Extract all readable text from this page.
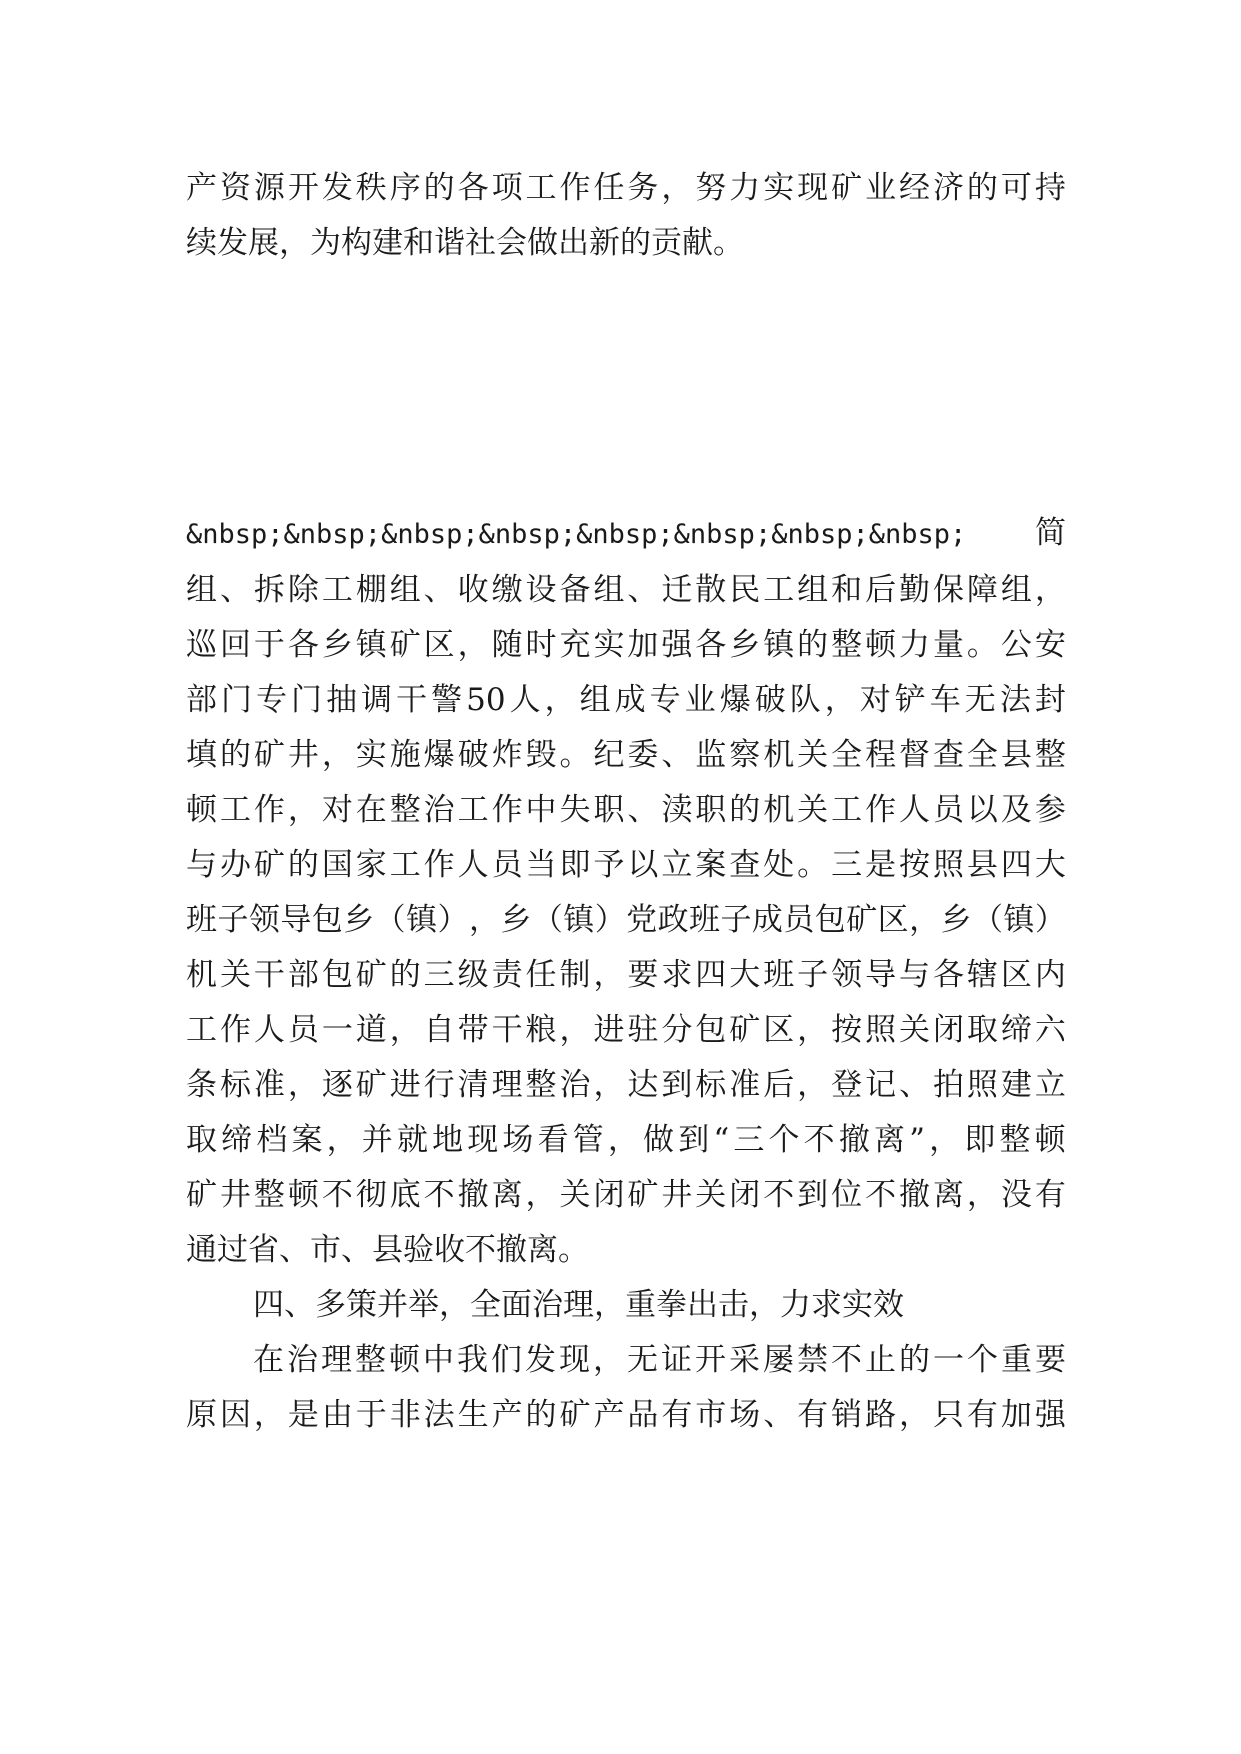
产 资 源 开 发 秩 序 的 各 项 工 作 任 务 ， 努 力 实 现 矿 业 经 济 的 可 持
续发展，为构建和谐社会做出新的贡献。
&nbsp;&nbsp;&nbsp;&nbsp;&nbsp;&nbsp;&nbsp;&nbsp; 简
组 、 拆 除 工 棚 组 、 收 缴 设 备 组 、 迁 散 民 工 组 和 后 勤 保 障 组 ，
巡 回 于 各 乡 镇 矿 区 ， 随 时 充 实 加 强 各 乡 镇 的 整 顿 力 量 。 公 安
部 门 专 门 抽 调 干 警 50 人 ， 组 成 专 业 爆 破 队 ， 对 铲 车 无 法 封
填 的 矿 井 ， 实 施 爆 破 炸 毁 。 纪 委 、 监 察 机 关 全 程 督 查 全 县 整
顿 工 作 ， 对 在 整 治 工 作 中 失 职 、 渎 职 的 机 关 工 作 人 员 以 及 参
与 办 矿 的 国 家 工 作 人 员 当 即 予 以 立 案 查 处 。 三 是 按 照 县 四 大
班 子 领 导 包 乡 （ 镇 ） ， 乡 （ 镇 ） 党 政 班 子 成 员 包 矿 区 ， 乡 （ 镇 ）
机 关 干 部 包 矿 的 三 级 责 任 制 ， 要 求 四 大 班 子 领 导 与 各 辖 区 内
工 作 人 员 一 道 ， 自 带 干 粮 ， 进 驻 分 包 矿 区 ， 按 照 关 闭 取 缔 六
条 标 准 ， 逐 矿 进 行 清 理 整 治 ， 达 到 标 准 后 ， 登 记 、 拍 照 建 立
取 缔 档 案 ， 并 就 地 现 场 看 管 ， 做 到 “ 三 个 不 撤 离 ” ， 即 整 顿
矿 井 整 顿 不 彻 底 不 撤 离 ， 关 闭 矿 井 关 闭 不 到 位 不 撤 离 ， 没 有
通过省、市、县验收不撤离。
四、多策并举，全面治理，重拳出击，力求实效
在 治 理 整 顿 中 我 们 发 现 ， 无 证 开 采 屡 禁 不 止 的 一 个 重 要
原 因 ， 是 由 于 非 法 生 产 的 矿 产 品 有 市 场 、 有 销 路 ， 只 有 加 强
